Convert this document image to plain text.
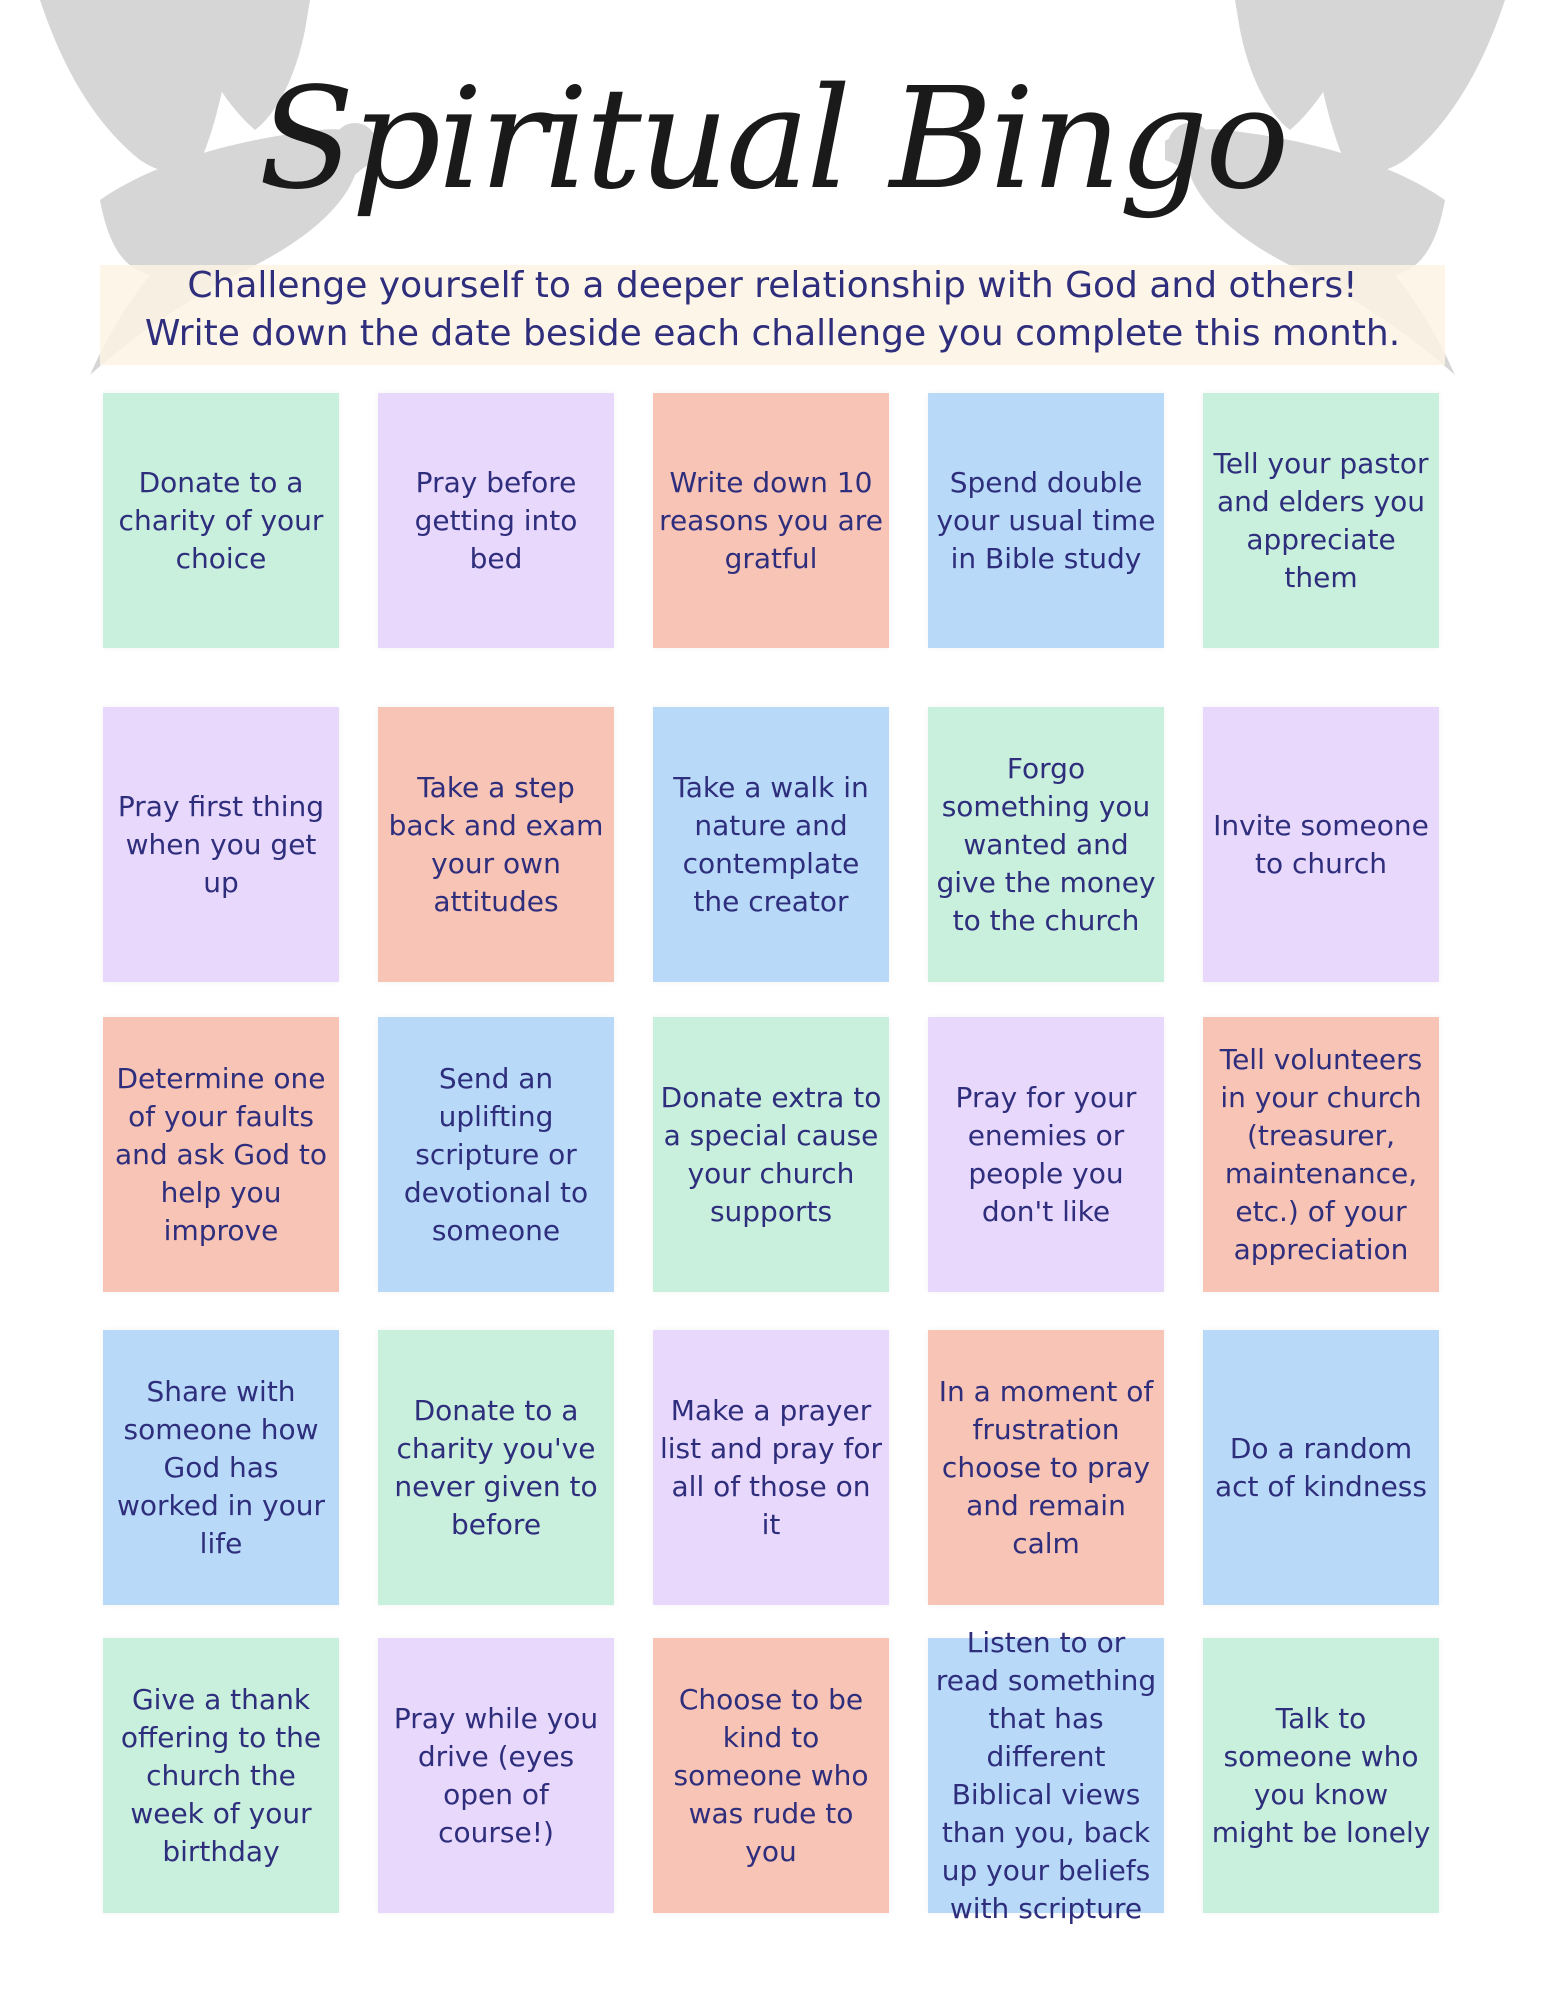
Spiritual Bingo
Challenge yourself to a deeper relationship with God and others!
Write down the date beside each challenge you complete this month.
Donate to a charity of your choice
Pray before getting into bed
Write down 10 reasons you are gratful
Spend double your usual time in Bible study
Tell your pastor and elders you appreciate them
Pray first thing when you get up
Take a step back and exam your own attitudes
Take a walk in nature and contemplate the creator
Forgo something you wanted and give the money to the church
Invite someone to church
Determine one of your faults and ask God to help you improve
Send an uplifting scripture or devotional to someone
Donate extra to a special cause your church supports
Pray for your enemies or people you don't like
Tell volunteers in your church (treasurer, maintenance, etc.) of your appreciation
Share with someone how God has worked in your life
Donate to a charity you've never given to before
Make a prayer list and pray for all of those on it
In a moment of frustration choose to pray and remain calm
Do a random act of kindness
Give a thank offering to the church the week of your birthday
Pray while you drive (eyes open of course!)
Choose to be kind to someone who was rude to you
Listen to or read something that has different Biblical views than you, back up your beliefs with scripture
Talk to someone who you know might be lonely
